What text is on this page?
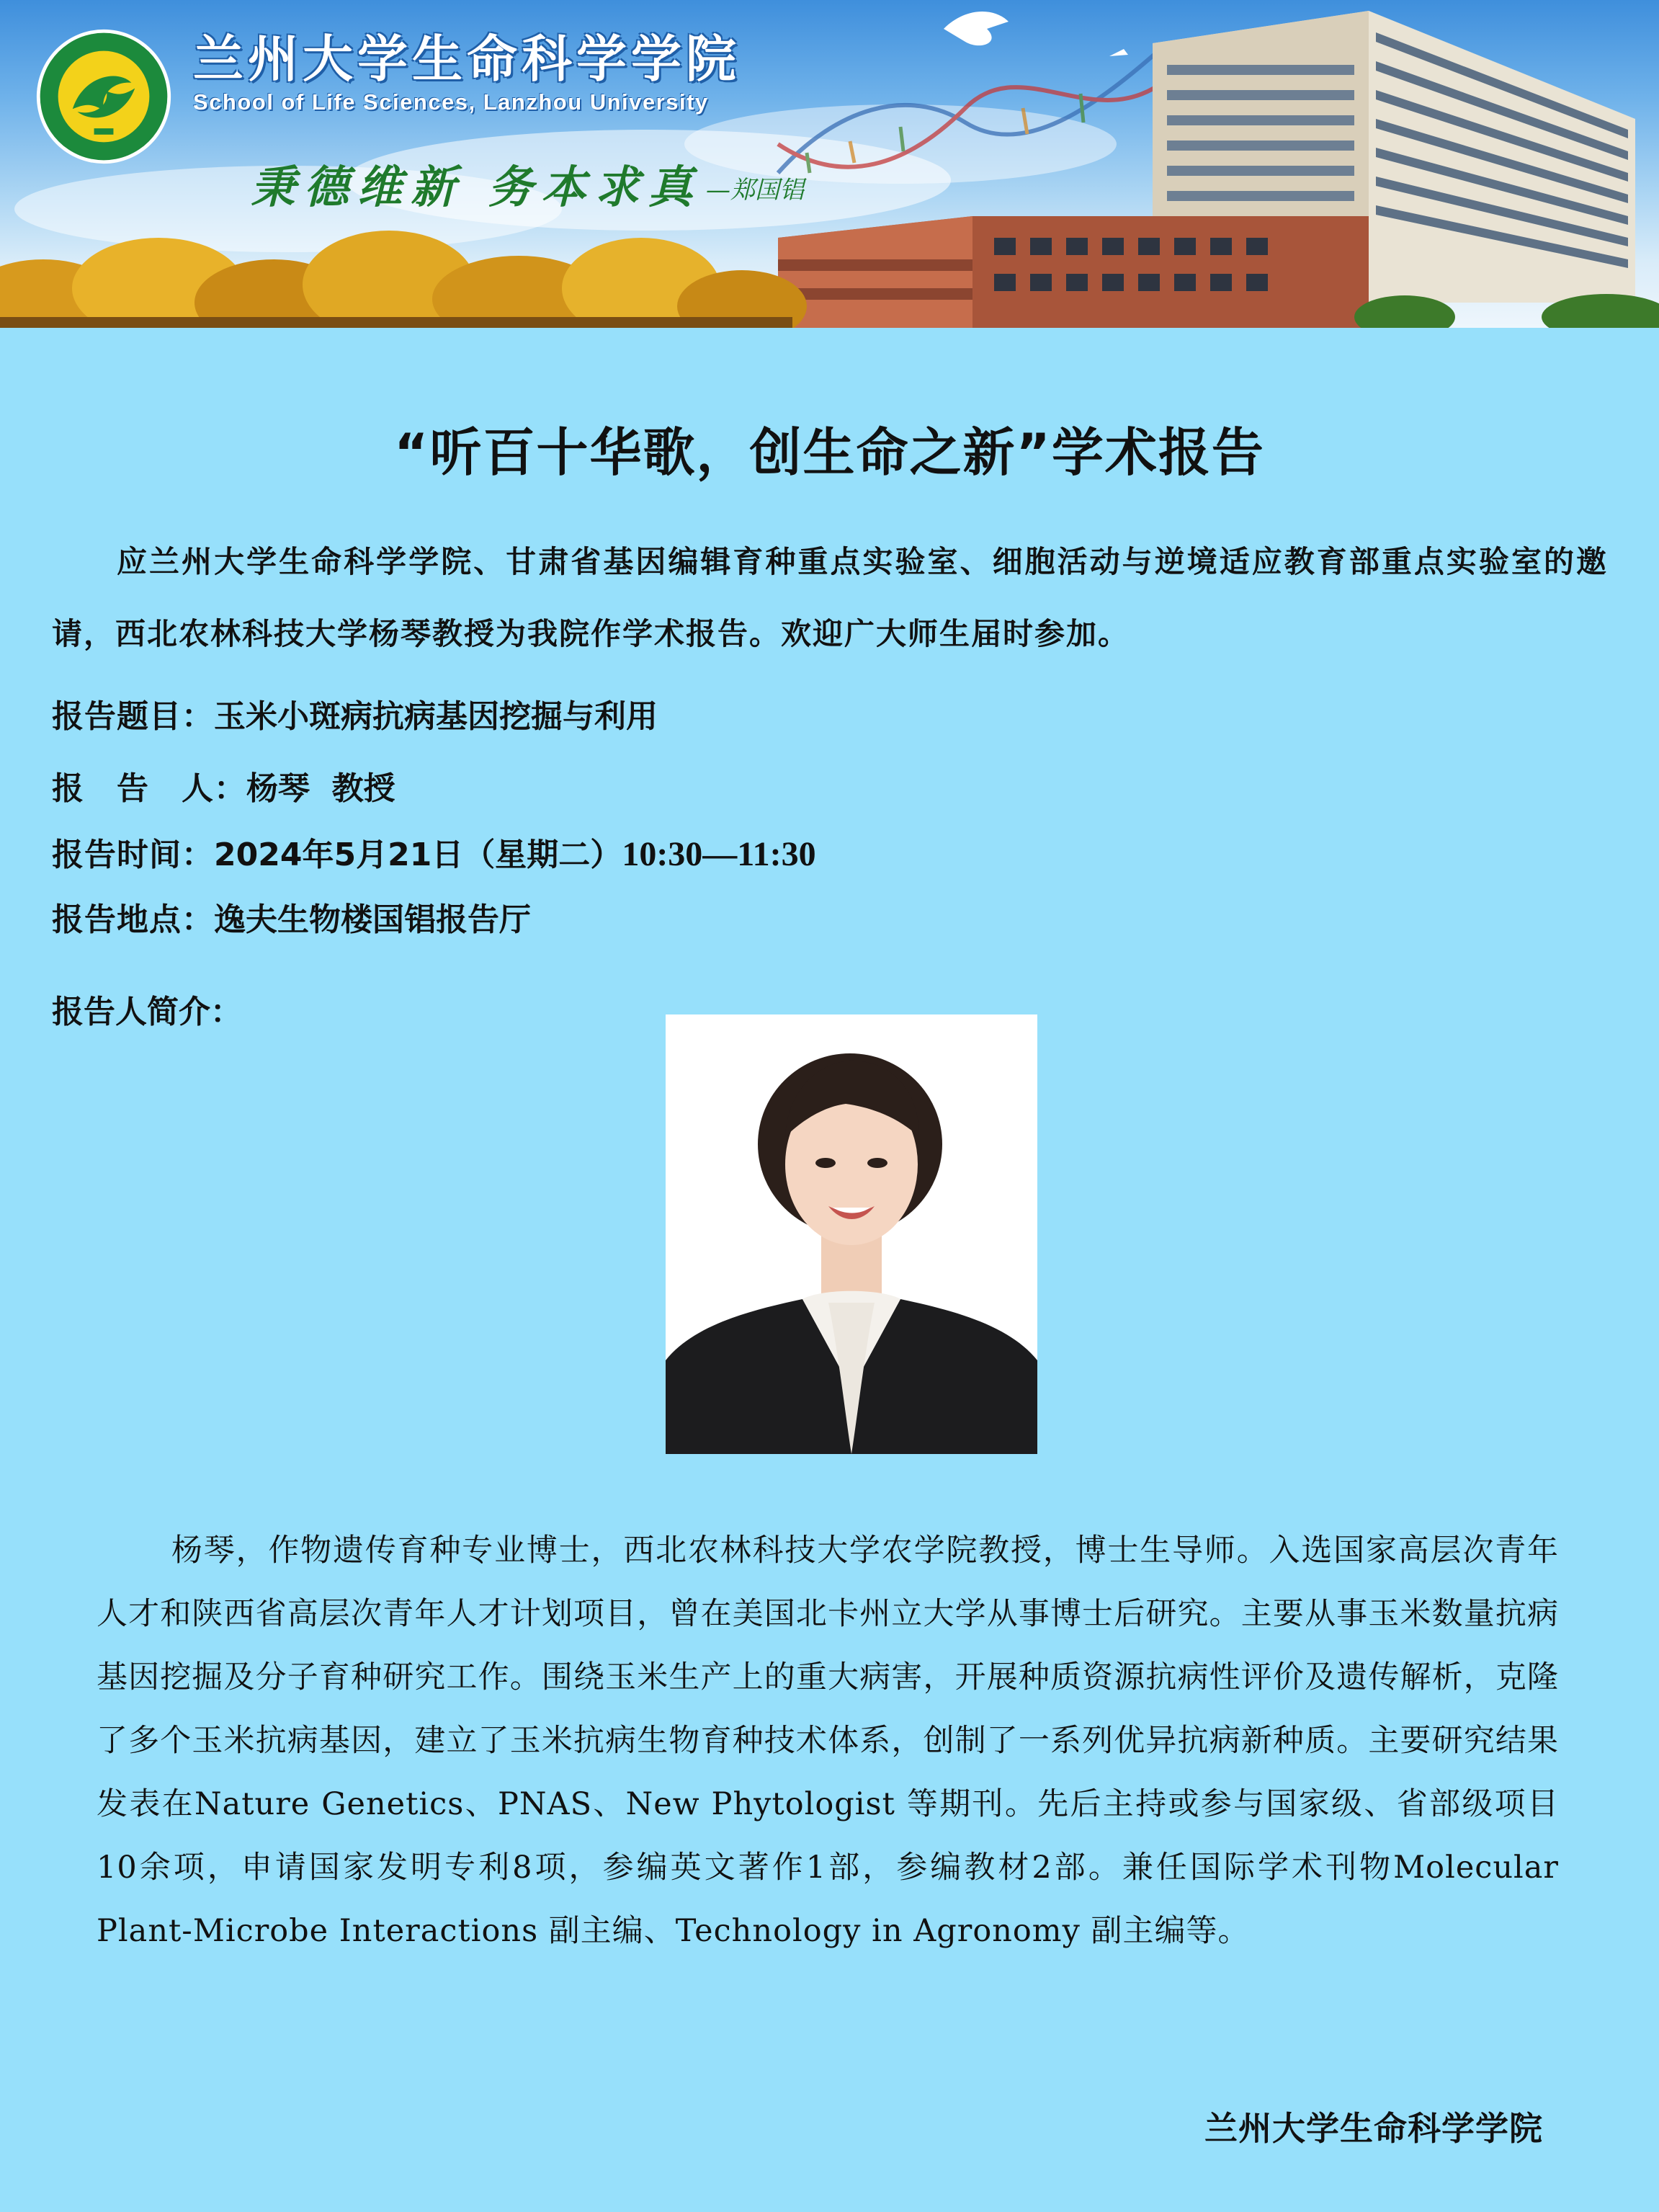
兰州大学生命科学学院
School of Life Sciences, Lanzhou University
秉德维新 务本求真 —郑国锠
“听百十华歌，创生命之新”学术报告
应兰州大学生命科学学院、甘肃省基因编辑育种重点实验室、细胞活动与逆境适应教育部重点实验室的邀请，西北农林科技大学杨琴教授为我院作学术报告。欢迎广大师生届时参加。
报告题目：玉米小斑病抗病基因挖掘与利用
报　告　人：杨琴  教授
报告时间：2024年5月21日（星期二）10:30—11:30
报告地点：逸夫生物楼国锠报告厅
报告人简介：
杨琴，作物遗传育种专业博士，西北农林科技大学农学院教授，博士生导师。入选国家高层次青年人才和陕西省高层次青年人才计划项目，曾在美国北卡州立大学从事博士后研究。主要从事玉米数量抗病基因挖掘及分子育种研究工作。围绕玉米生产上的重大病害，开展种质资源抗病性评价及遗传解析，克隆了多个玉米抗病基因，建立了玉米抗病生物育种技术体系，创制了一系列优异抗病新种质。主要研究结果发表在Nature Genetics、PNAS、New Phytologist 等期刊。先后主持或参与国家级、省部级项目10余项，申请国家发明专利8项，参编英文著作1部，参编教材2部。兼任国际学术刊物Molecular Plant-Microbe Interactions 副主编、Technology in Agronomy 副主编等。
兰州大学生命科学学院
